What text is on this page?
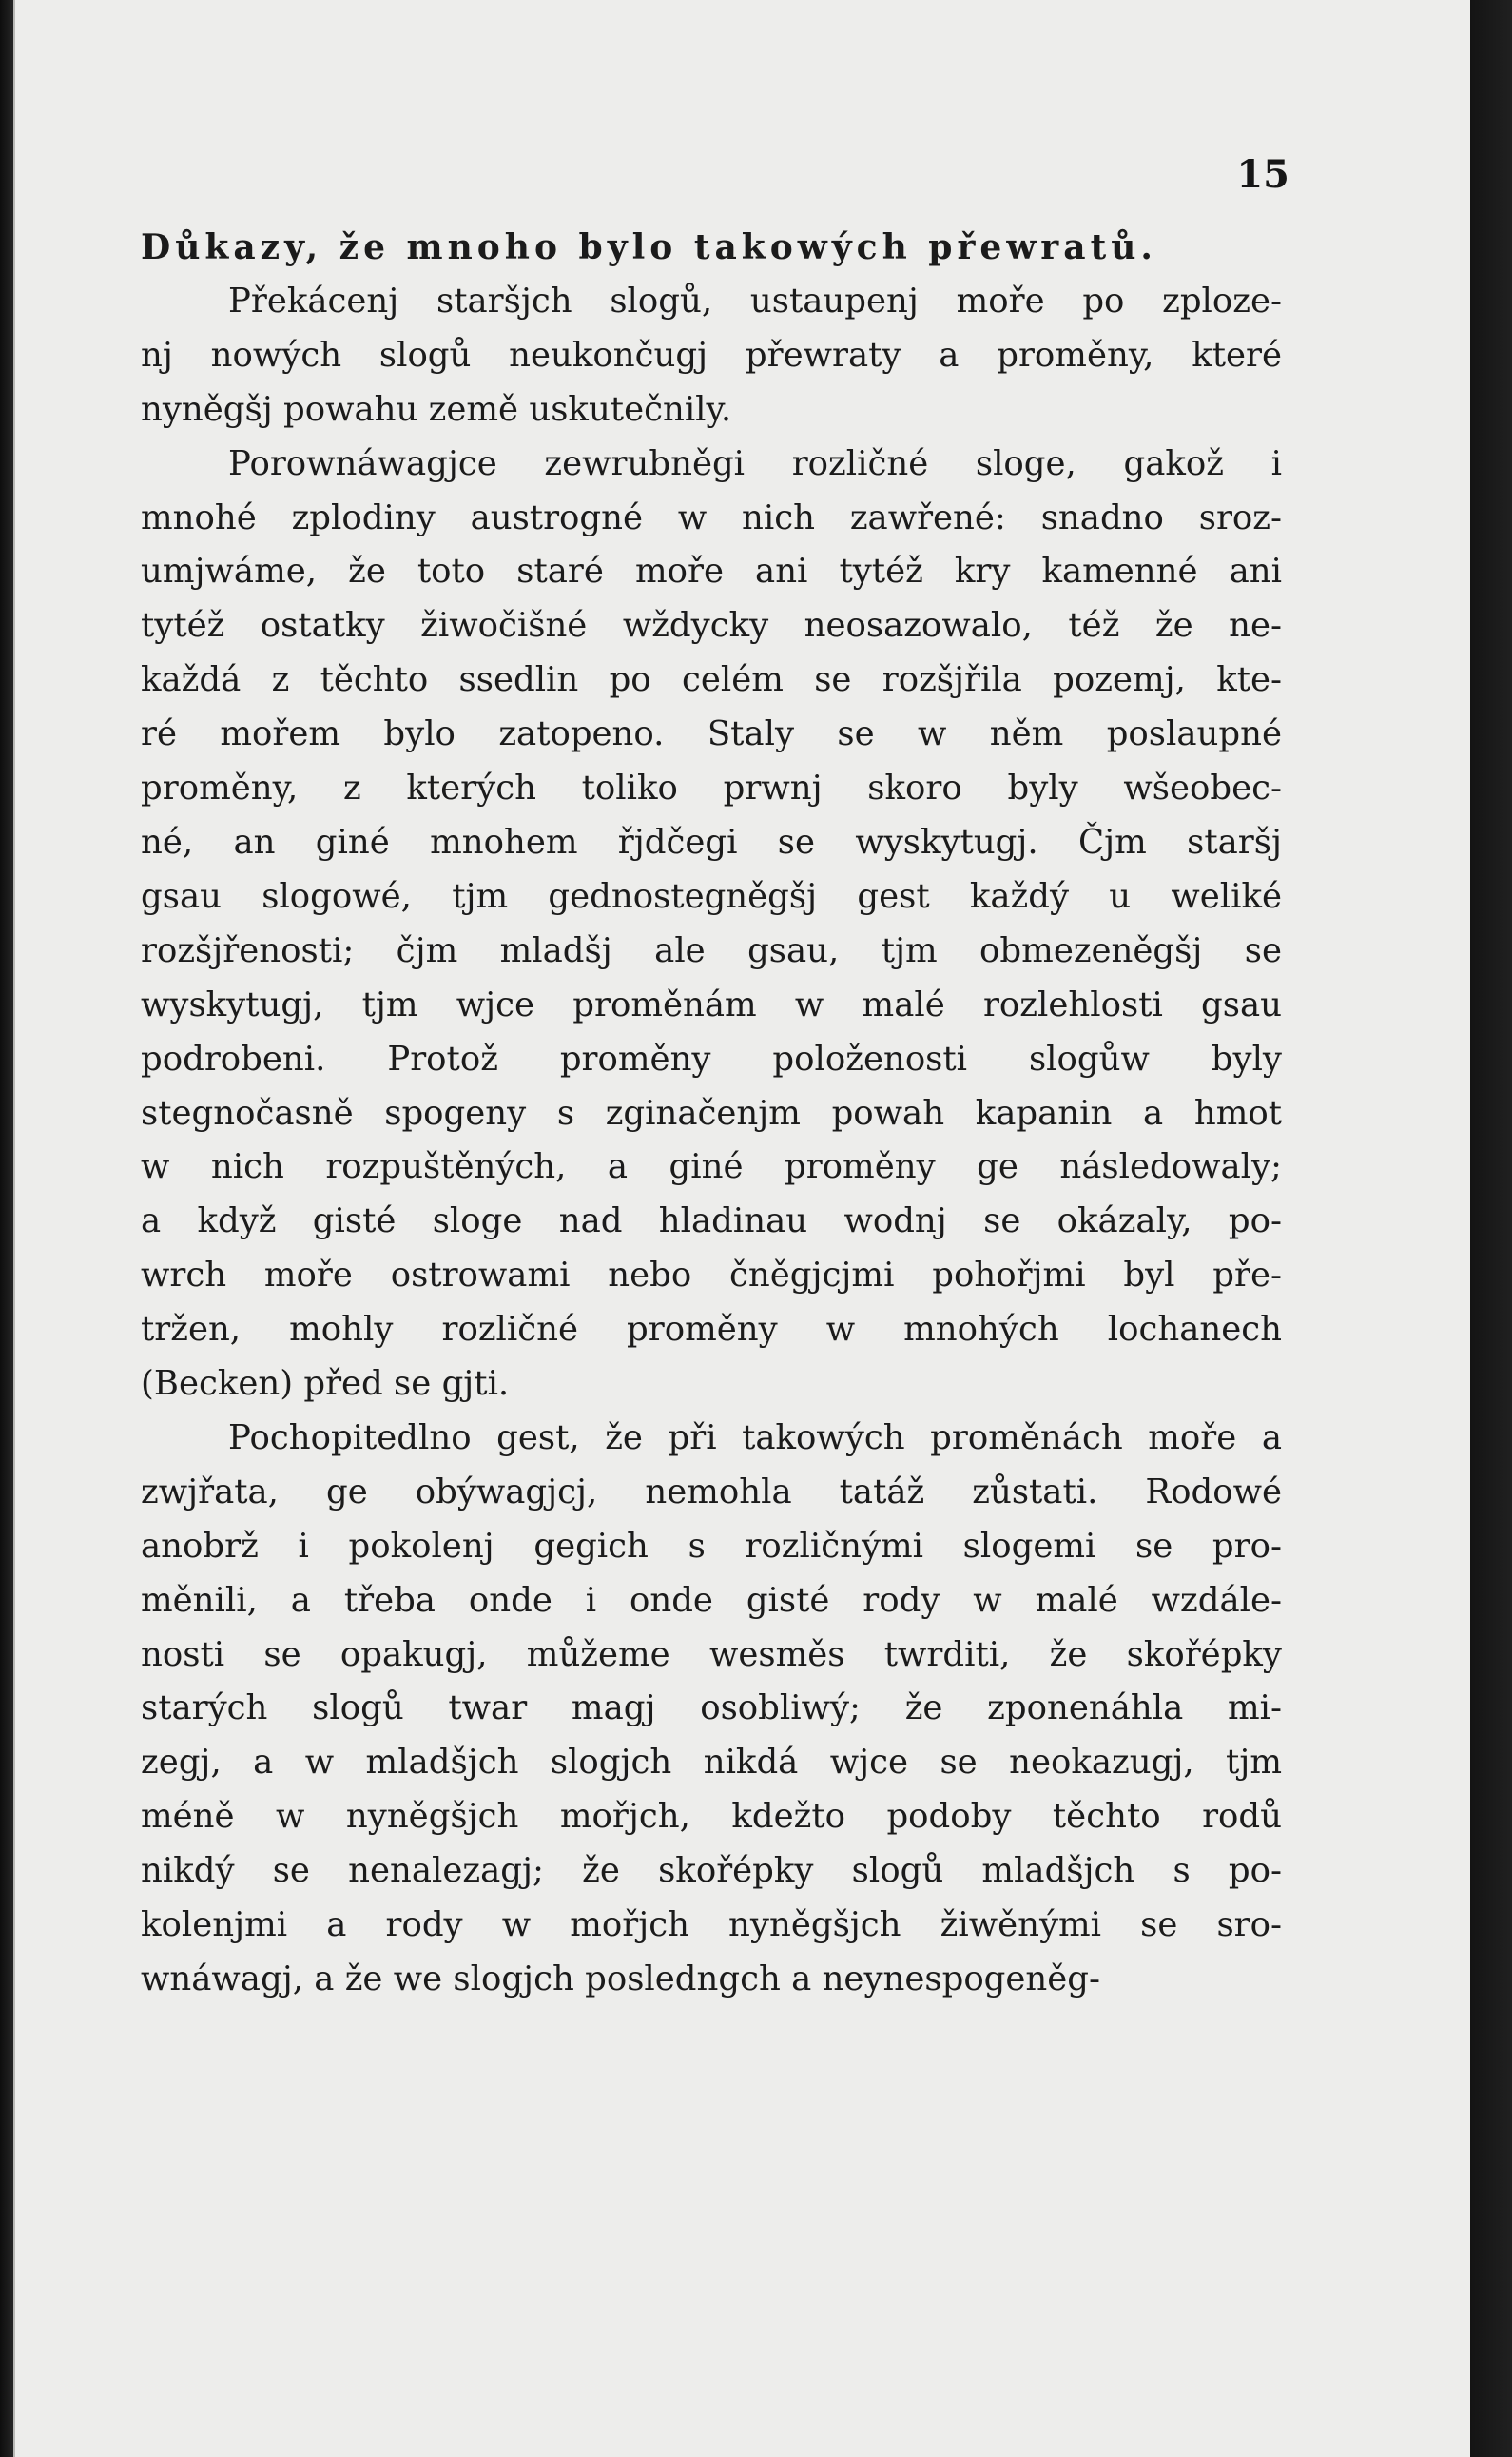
15
Důkazy, že mnoho bylo takowých přewratů.
Překácenj staršjch slogů, ustaupenj moře po zploze-
nj nowých slogů neukončugj přewraty a proměny, které
nyněgšj powahu země uskutečnily.
Porownáwagjce zewrubněgi rozličné sloge, gakož i
mnohé zplodiny austrogné w nich zawřené: snadno sroz-
umjwáme, že toto staré moře ani tytéž kry kamenné ani
tytéž ostatky žiwočišné wždycky neosazowalo, též že ne-
každá z těchto ssedlin po celém se rozšjřila pozemj, kte-
ré mořem bylo zatopeno. Staly se w něm poslaupné
proměny, z kterých toliko prwnj skoro byly wšeobec-
né, an giné mnohem řjdčegi se wyskytugj. Čjm staršj
gsau slogowé, tjm gednostegněgšj gest každý u weliké
rozšjřenosti; čjm mladšj ale gsau, tjm obmezeněgšj se
wyskytugj, tjm wjce proměnám w malé rozlehlosti gsau
podrobeni. Protož proměny položenosti slogůw byly
stegnočasně spogeny s zginačenjm powah kapanin a hmot
w nich rozpuštěných, a giné proměny ge následowaly;
a když gisté sloge nad hladinau wodnj se okázaly, po-
wrch moře ostrowami nebo čněgjcjmi pohořjmi byl pře-
tržen, mohly rozličné proměny w mnohých lochanech
(Becken) před se gjti.
Pochopitedlno gest, že při takowých proměnách moře a
zwjřata, ge obýwagjcj, nemohla tatáž zůstati. Rodowé
anobrž i pokolenj gegich s rozličnými slogemi se pro-
měnili, a třeba onde i onde gisté rody w malé wzdále-
nosti se opakugj, můžeme wesměs twrditi, že skořépky
starých slogů twar magj osobliwý; že zponenáhla mi-
zegj, a w mladšjch slogjch nikdá wjce se neokazugj, tjm
méně w nyněgšjch mořjch, kdežto podoby těchto rodů
nikdý se nenalezagj; že skořépky slogů mladšjch s po-
kolenjmi a rody w mořjch nyněgšjch žiwěnými se sro-
wnáwagj, a že we slogjch posledngch a neynespogeněg-
